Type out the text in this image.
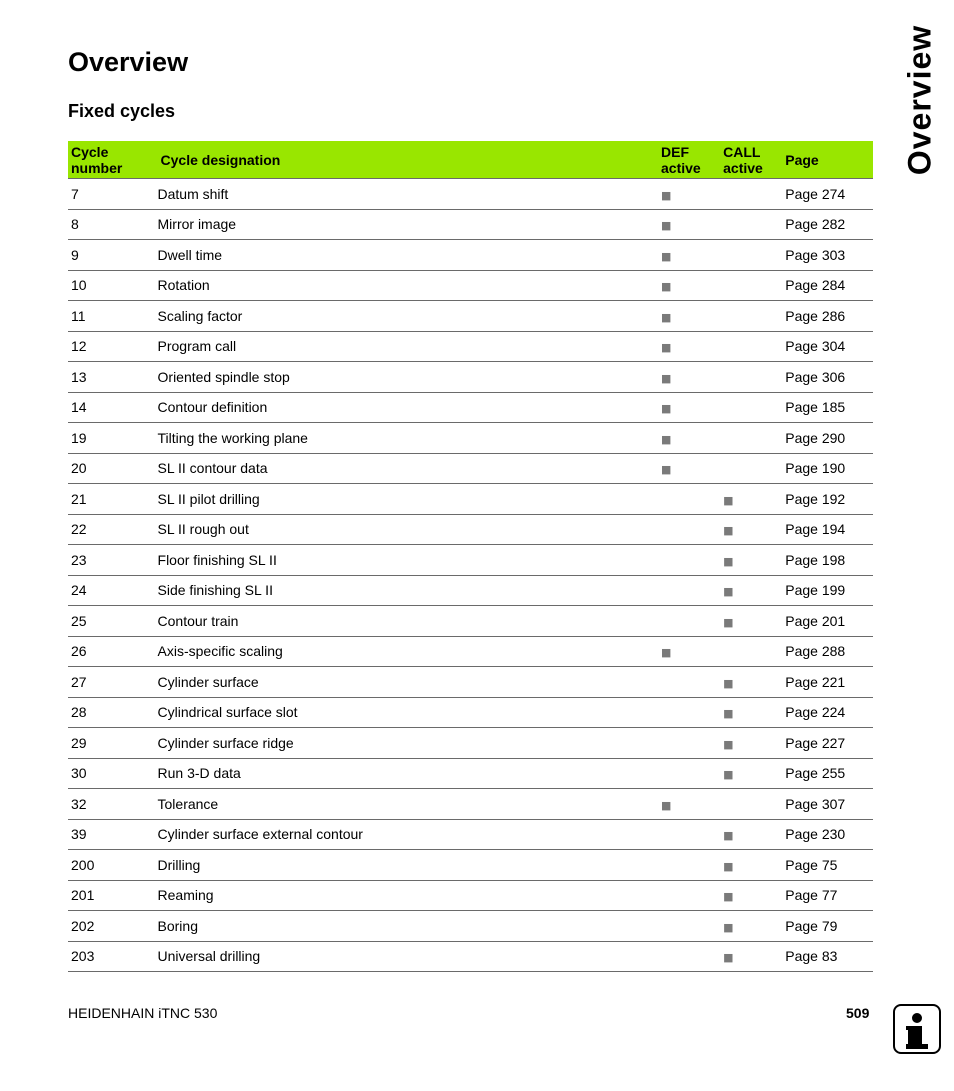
Overview
Fixed cycles	Overview
Cycle number	Cycle designation	DEF active	CALL active	Page
7	Datum shift	■		Page 274
8	Mirror image	■		Page 282
9	Dwell time	■		Page 303
10	Rotation	■		Page 284
11	Scaling factor	■		Page 286
12	Program call	■		Page 304
13	Oriented spindle stop	■		Page 306
14	Contour definition	■		Page 185
19	Tilting the working plane	■		Page 290
20	SL II contour data	■		Page 190
21	SL II pilot drilling		■	Page 192
22	SL II rough out		■	Page 194
23	Floor finishing SL II		■	Page 198
24	Side finishing SL II		■	Page 199
25	Contour train		■	Page 201
26	Axis-specific scaling	■		Page 288
27	Cylinder surface		■	Page 221
28	Cylindrical surface slot		■	Page 224
29	Cylinder surface ridge		■	Page 227
30	Run 3-D data		■	Page 255
32	Tolerance	■		Page 307
39	Cylinder surface external contour		■	Page 230
200	Drilling		■	Page 75
201	Reaming		■	Page 77
202	Boring		■	Page 79
203	Universal drilling		■	Page 83
HEIDENHAIN iTNC 530	509
